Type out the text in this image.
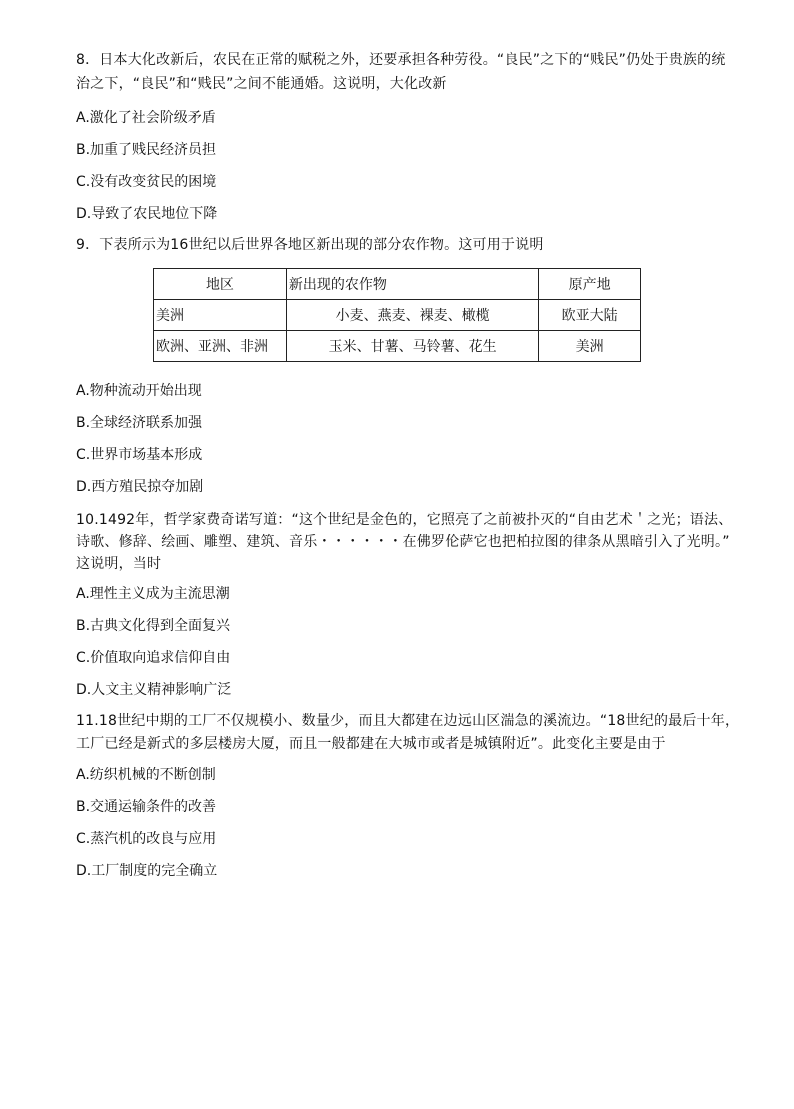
8．日本大化改新后，农民在正常的赋税之外，还要承担各种劳役。“良民”之下的“贱民”仍处于贵族的统
治之下，“良民”和“贱民”之间不能通婚。这说明，大化改新
A.激化了社会阶级矛盾
B.加重了贱民经济员担
C.没有改变贫民的困境
D.导致了农民地位下降
9．下表所示为16世纪以后世界各地区新出现的部分农作物。这可用于说明
地区	新出现的农作物	原产地
美洲	小麦、燕麦、裸麦、橄榄	欧亚大陆
欧洲、亚洲、非洲	玉米、甘薯、马铃薯、花生	美洲
A.物种流动开始出现
B.全球经济联系加强
C.世界市场基本形成
D.西方殖民掠夺加剧
10.1492年，哲学家费奇诺写道：“这个世纪是金色的，它照亮了之前被扑灭的“自由艺术＇之光；语法、
诗歌、修辞、绘画、雕塑、建筑、音乐・・・・・・在佛罗伦萨它也把柏拉图的律条从黑暗引入了光明。”
这说明，当时
A.理性主义成为主流思潮
B.古典文化得到全面复兴
C.价值取向追求信仰自由
D.人文主义精神影响广泛
11.18世纪中期的工厂不仅规模小、数量少，而且大都建在边远山区湍急的溪流边。“18世纪的最后十年，
工厂已经是新式的多层楼房大厦，而且一般都建在大城市或者是城镇附近”。此变化主要是由于
A.纺织机械的不断创制
B.交通运输条件的改善
C.蒸汽机的改良与应用
D.工厂制度的完全确立
